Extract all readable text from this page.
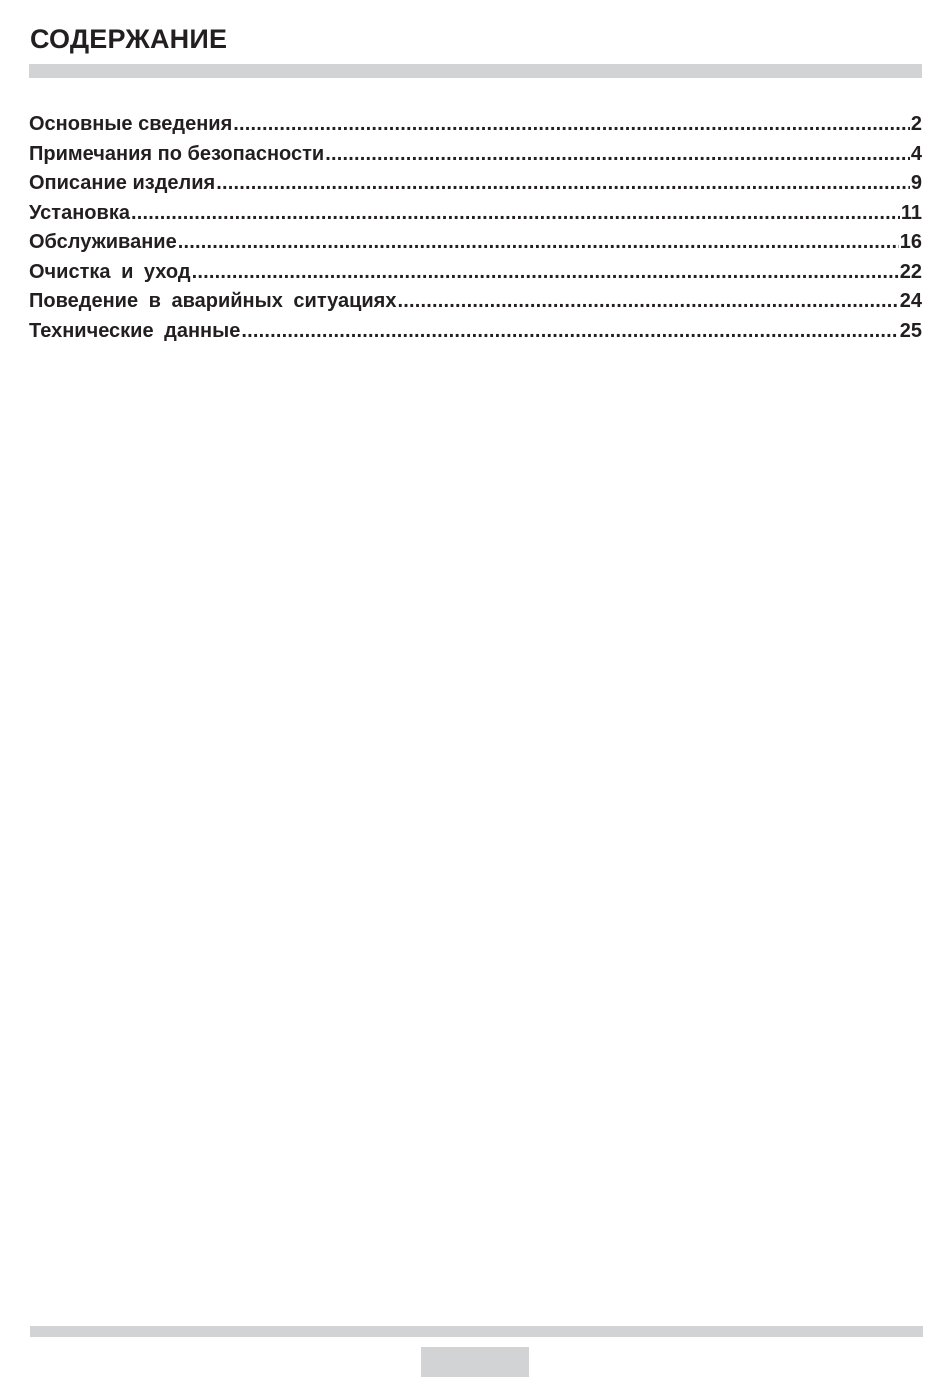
СОДЕРЖАНИЕ
Основные сведения .....	2
Примечания по безопасности .....	4
Описание изделия .....	9
Установка .....	11
Обслуживание .....	16
Очистка и уход .....	22
Поведение в аварийных ситуациях .....	24
Технические данные .....	25
